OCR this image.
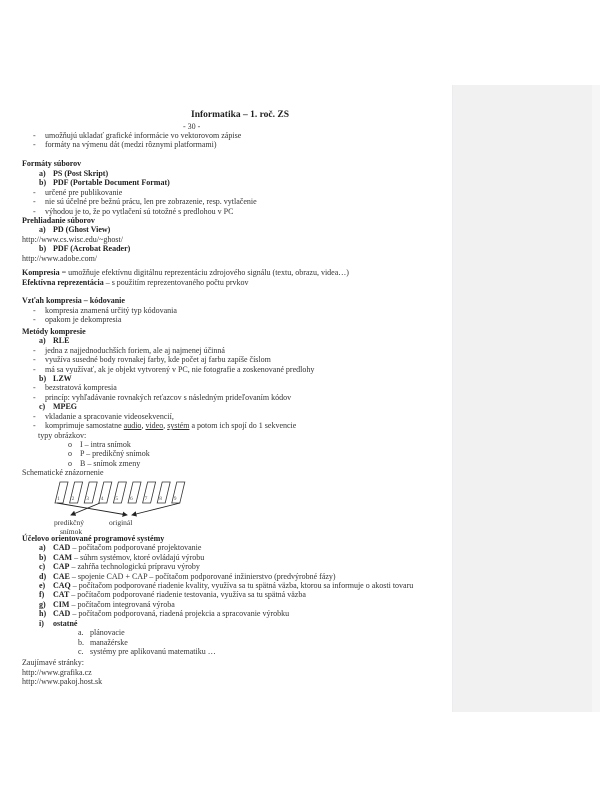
Informatika – 1. roč. ZS
- 30 -
- umožňujú ukladať grafické informácie vo vektorovom zápise
- formáty na výmenu dát (medzi rôznymi platformami)
Formáty súborov
a) PS (Post Skript)
b) PDF (Portable Document Format)
- určené pre publikovanie
- nie sú účelné pre bežnú prácu, len pre zobrazenie, resp. vytlačenie
- výhodou je to, že po vytlačení sú totožné s predlohou v PC
Prehliadanie súborov
a) PD (Ghost View)
http://www.cs.wisc.edu/~ghost/
b) PDF (Acrobat Reader)
http://www.adobe.com/
Kompresia = umožňuje efektívnu digitálnu reprezentáciu zdrojového signálu (textu, obrazu, videa…)
Efektívna reprezentácia – s použitím reprezentovaného počtu prvkov
Vzťah kompresia – kódovanie
- kompresia znamená určitý typ kódovania
- opakom je dekompresia
Metódy kompresie
a) RLE
- jedna z najjednoduchších foriem, ale aj najmenej účinná
- využíva susedné body rovnakej farby, kde počet aj farbu zapíše číslom
- má sa využívať, ak je objekt vytvorený v PC, nie fotografie a zoskenované predlohy
b) LZW
- bezstratová kompresia
- princíp: vyhľadávanie rovnakých reťazcov s následným prideľovaním kódov
c) MPEG
- vkladanie a spracovanie videosekvencií,
- komprimuje samostatne audio, video, systém a potom ich spojí do 1 sekvencie
typy obrázkov:
o I – intra snímok
o P – predikčný snímok
o B – snímok zmeny
Schematické znázornenie
1 2 3 4 5 6 7 8 9
predikčný
snímok
originál
Účelovo orientované programové systémy
a) CAD – počítačom podporované projektovanie
b) CAM – súhrn systémov, ktoré ovládajú výrobu
c) CAP – zahŕňa technologickú prípravu výroby
d) CAE – spojenie CAD + CAP – počítačom podporované inžinierstvo (predvýrobné fázy)
e) CAQ – počítačom podporované riadenie kvality, využíva sa tu spätná väzba, ktorou sa informuje o akosti tovaru
f) CAT – počítačom podporované riadenie testovania, využíva sa tu spätná väzba
g) CIM – počítačom integrovaná výroba
h) CAD – počítačom podporovaná, riadená projekcia a spracovanie výrobku
i) ostatné
a. plánovacie
b. manažérske
c. systémy pre aplikovanú matematiku …
Zaujímavé stránky:
http://www.grafika.cz
http://www.pakoj.host.sk
